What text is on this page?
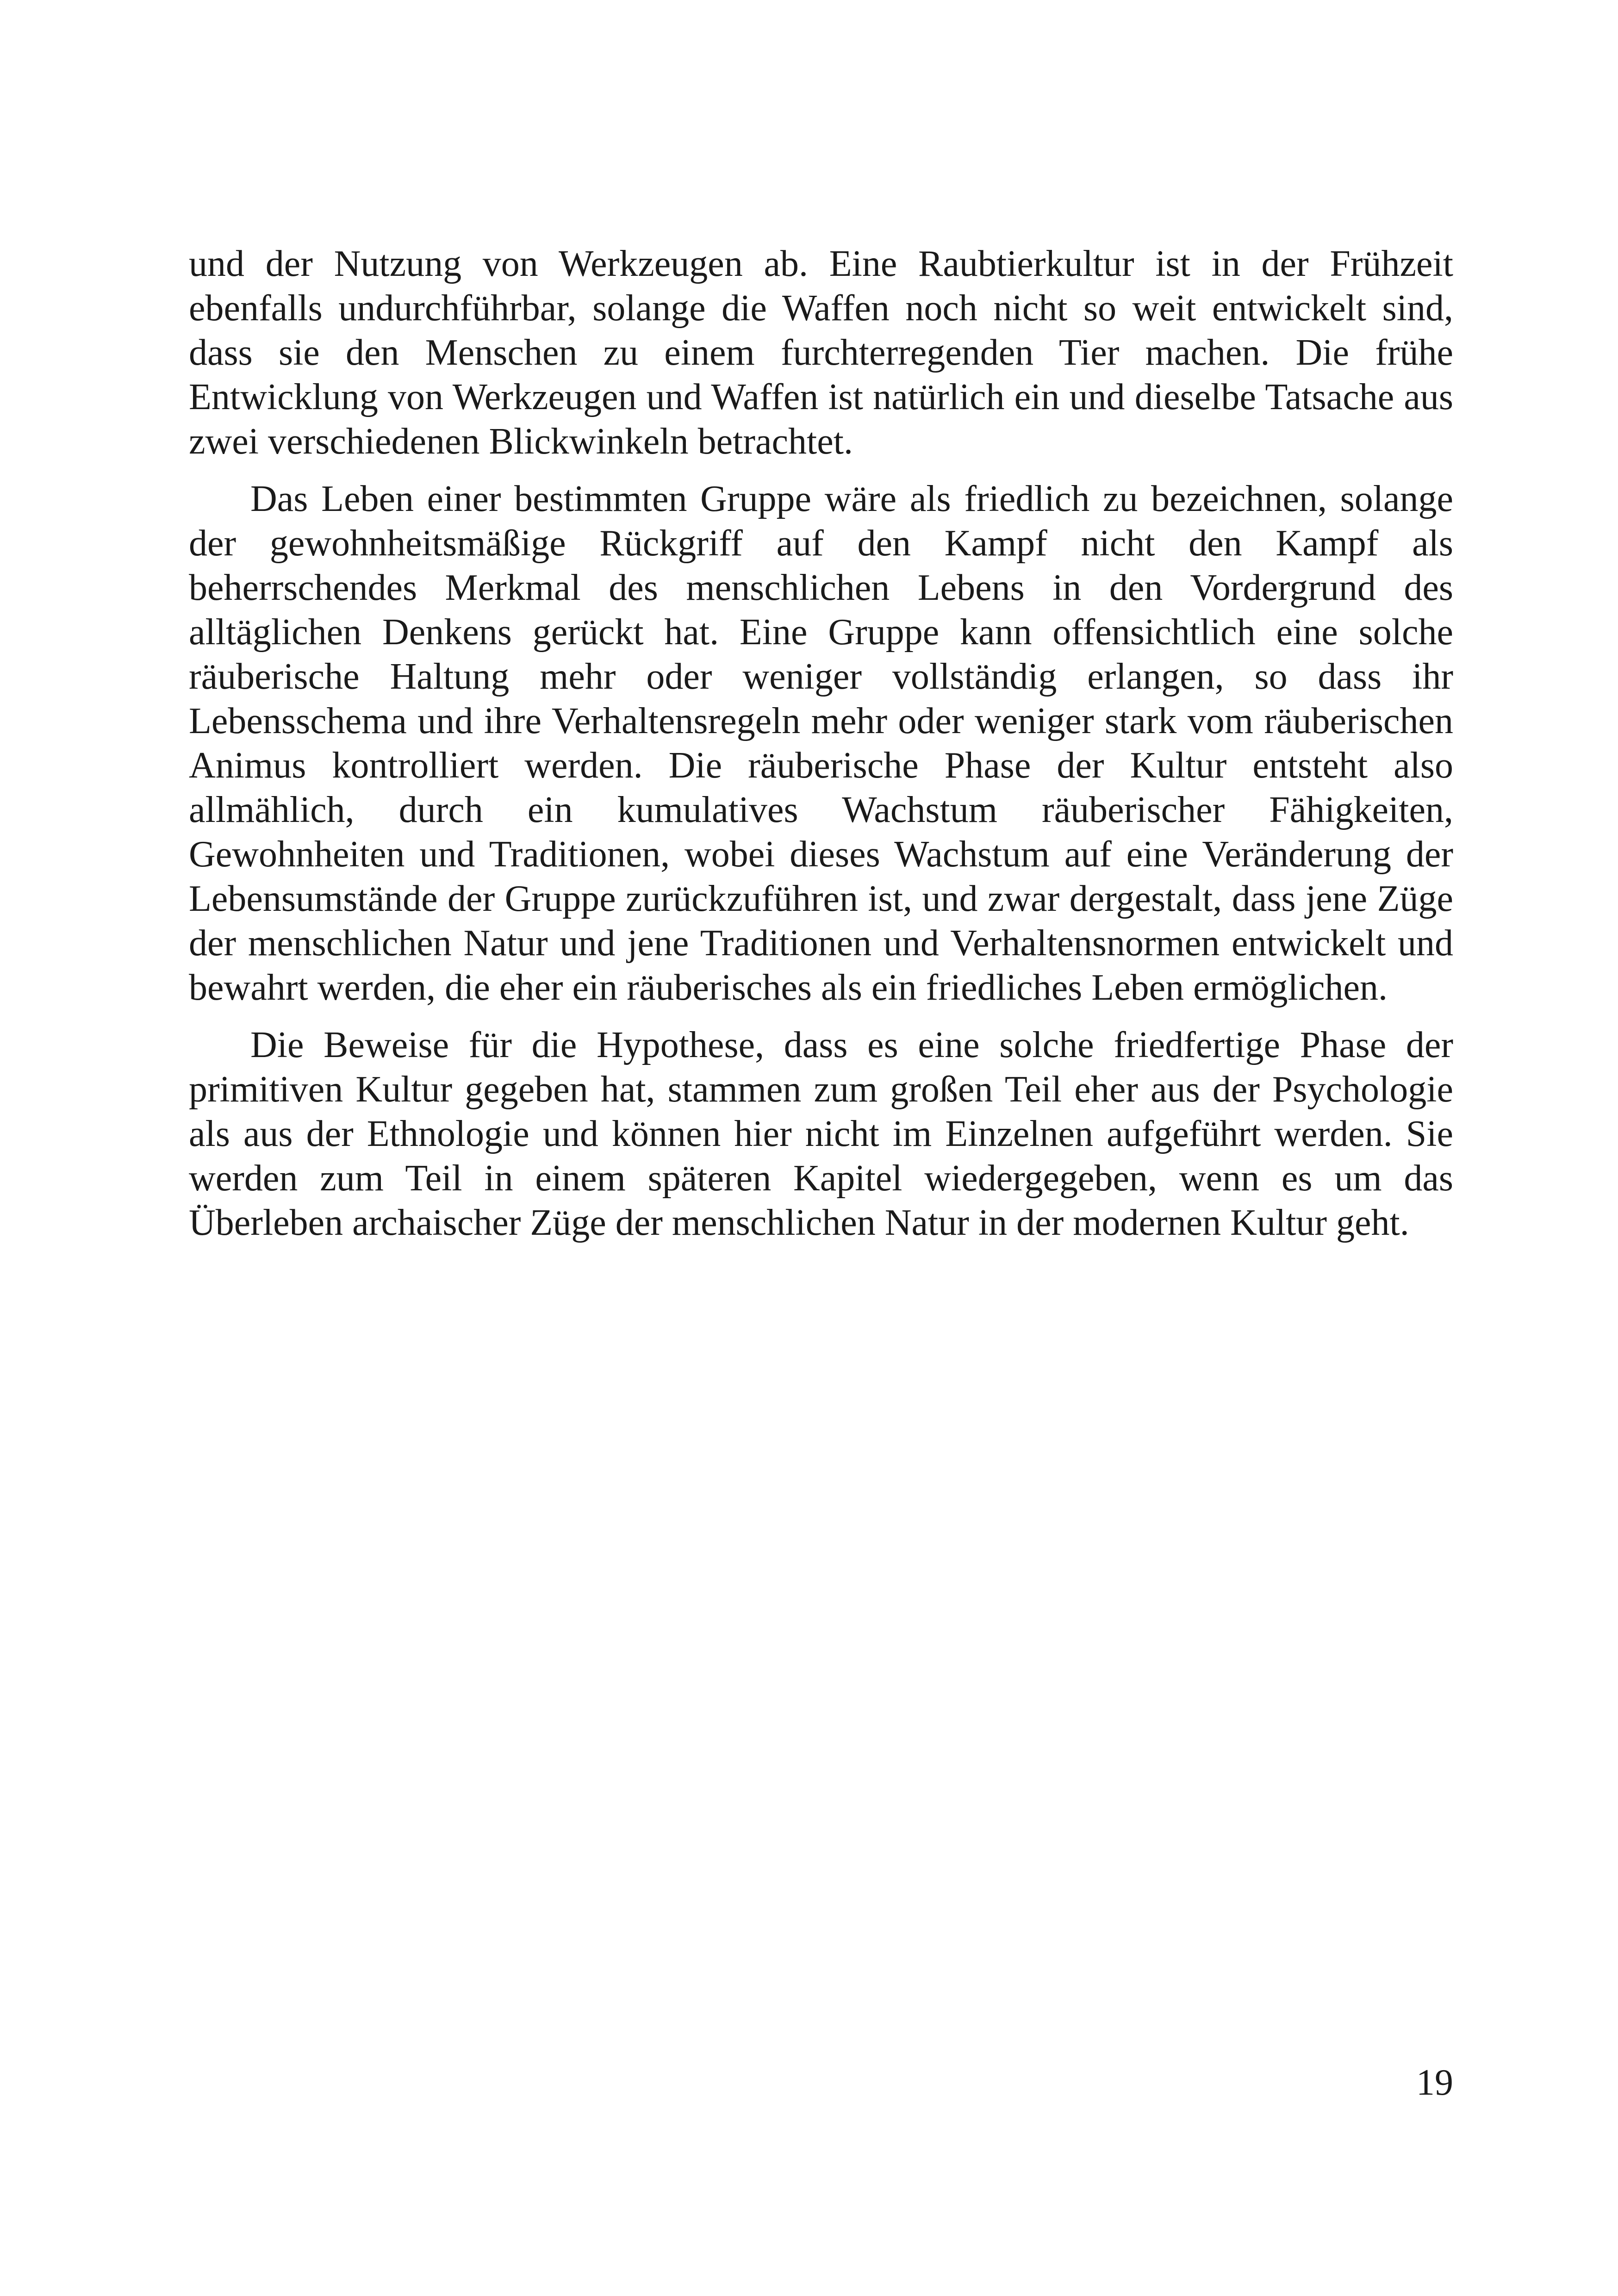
und der Nutzung von Werkzeugen ab. Eine Raubtierkultur ist in der Frühzeit ebenfalls undurchführbar, solange die Waffen noch nicht so weit entwickelt sind, dass sie den Menschen zu einem furchterregenden Tier machen. Die frühe Entwicklung von Werkzeugen und Waffen ist natürlich ein und dieselbe Tatsache aus zwei verschiedenen Blickwinkeln betrachtet.

Das Leben einer bestimmten Gruppe wäre als friedlich zu bezeichnen, solange der gewohnheitsmäßige Rückgriff auf den Kampf nicht den Kampf als beherrschendes Merkmal des menschlichen Lebens in den Vordergrund des alltäglichen Denkens gerückt hat. Eine Gruppe kann offensichtlich eine solche räuberische Haltung mehr oder weniger vollständig erlangen, so dass ihr Lebensschema und ihre Verhaltensregeln mehr oder weniger stark vom räuberischen Animus kontrolliert werden. Die räuberische Phase der Kultur entsteht also allmählich, durch ein kumulatives Wachstum räuberischer Fähigkeiten, Gewohnheiten und Traditionen, wobei dieses Wachstum auf eine Veränderung der Lebensumstände der Gruppe zurückzuführen ist, und zwar dergestalt, dass jene Züge der menschlichen Natur und jene Traditionen und Verhaltensnormen entwickelt und bewahrt werden, die eher ein räuberisches als ein friedliches Leben ermöglichen.

Die Beweise für die Hypothese, dass es eine solche friedfertige Phase der primitiven Kultur gegeben hat, stammen zum großen Teil eher aus der Psychologie als aus der Ethnologie und können hier nicht im Einzelnen aufgeführt werden. Sie werden zum Teil in einem späteren Kapitel wiedergegeben, wenn es um das Überleben archaischer Züge der menschlichen Natur in der modernen Kultur geht.

19
